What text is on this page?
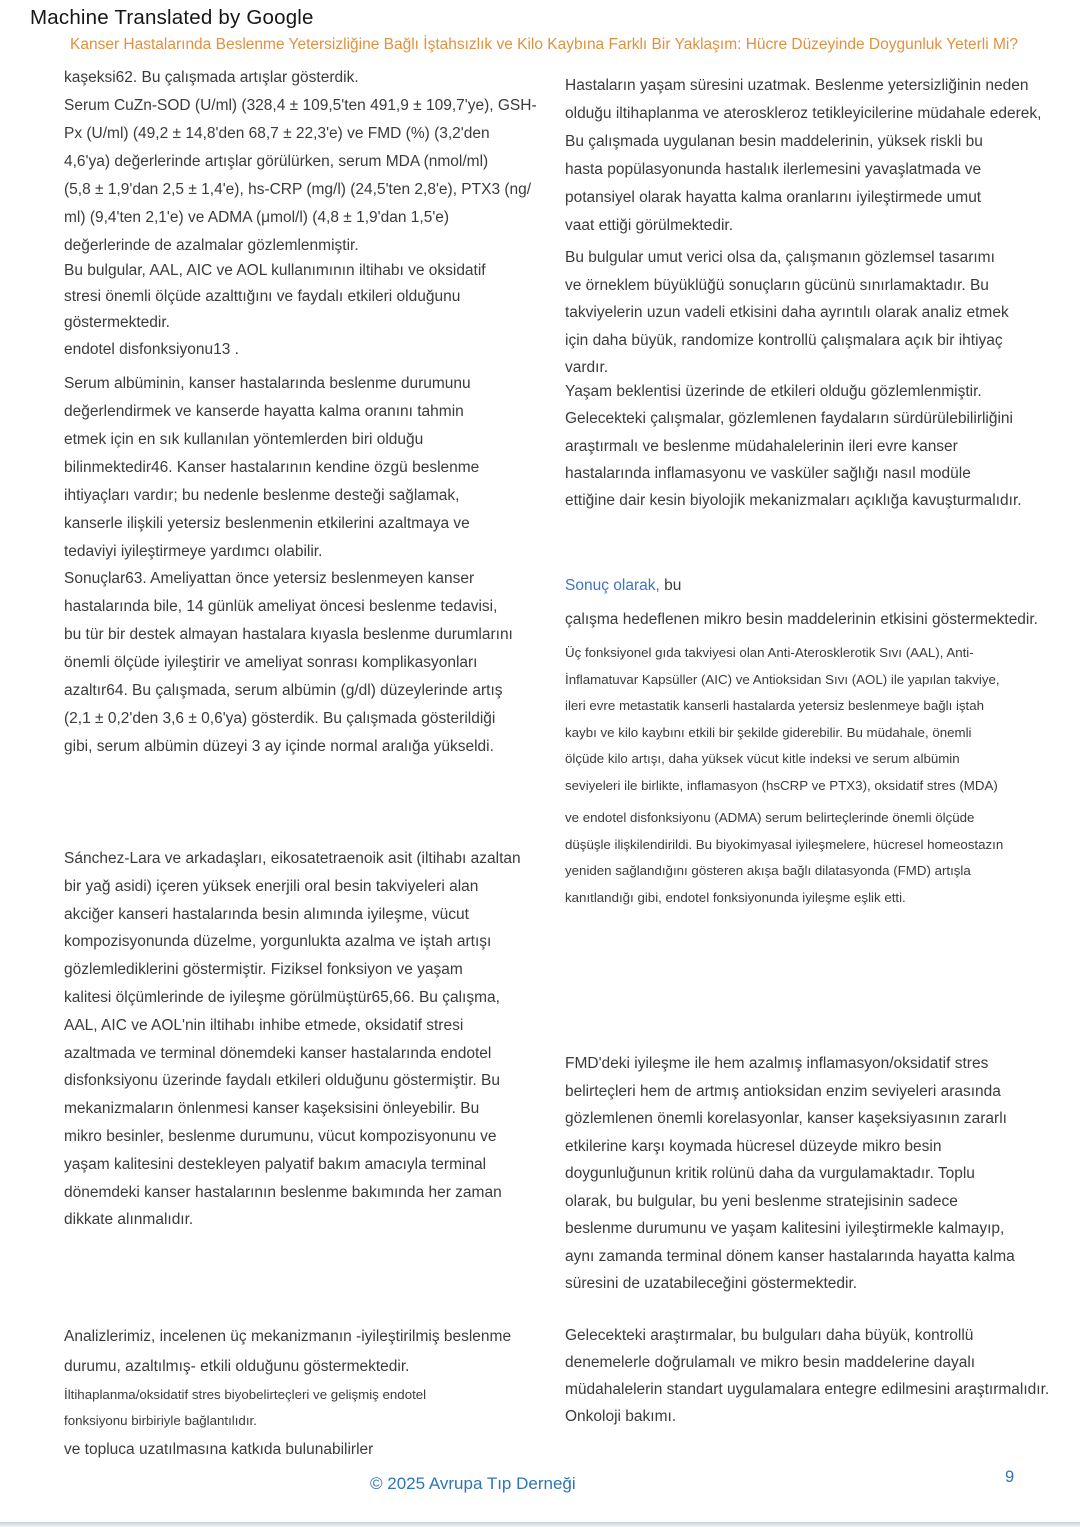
Machine Translated by Google
Kanser Hastalarında Beslenme Yetersizliğine Bağlı İştahsızlık ve Kilo Kaybına Farklı Bir Yaklaşım: Hücre Düzeyinde Doygunluk Yeterli Mi?
kaşeksi62. Bu çalışmada artışlar gösterdik.
Serum CuZn-SOD (U/ml) (328,4 ± 109,5'ten 491,9 ± 109,7'ye), GSH-
Px (U/ml) (49,2 ± 14,8'den 68,7 ± 22,3'e) ve FMD (%) (3,2'den
4,6'ya) değerlerinde artışlar görülürken, serum MDA (nmol/ml)
(5,8 ± 1,9'dan 2,5 ± 1,4'e), hs-CRP (mg/l) (24,5'ten 2,8'e), PTX3 (ng/
ml) (9,4'ten 2,1'e) ve ADMA (μmol/l) (4,8 ± 1,9'dan 1,5'e)
değerlerinde de azalmalar gözlemlenmiştir.
Bu bulgular, AAL, AIC ve AOL kullanımının iltihabı ve oksidatif
stresi önemli ölçüde azalttığını ve faydalı etkileri olduğunu
göstermektedir.
endotel disfonksiyonu13 .
Serum albüminin, kanser hastalarında beslenme durumunu
değerlendirmek ve kanserde hayatta kalma oranını tahmin
etmek için en sık kullanılan yöntemlerden biri olduğu
bilinmektedir46. Kanser hastalarının kendine özgü beslenme
ihtiyaçları vardır; bu nedenle beslenme desteği sağlamak,
kanserle ilişkili yetersiz beslenmenin etkilerini azaltmaya ve
tedaviyi iyileştirmeye yardımcı olabilir.
Sonuçlar63. Ameliyattan önce yetersiz beslenmeyen kanser
hastalarında bile, 14 günlük ameliyat öncesi beslenme tedavisi,
bu tür bir destek almayan hastalara kıyasla beslenme durumlarını
önemli ölçüde iyileştirir ve ameliyat sonrası komplikasyonları
azaltır64. Bu çalışmada, serum albümin (g/dl) düzeylerinde artış
(2,1 ± 0,2'den 3,6 ± 0,6'ya) gösterdik. Bu çalışmada gösterildiği
gibi, serum albümin düzeyi 3 ay içinde normal aralığa yükseldi.
Sánchez-Lara ve arkadaşları, eikosatetraenoik asit (iltihabı azaltan
bir yağ asidi) içeren yüksek enerjili oral besin takviyeleri alan
akciğer kanseri hastalarında besin alımında iyileşme, vücut
kompozisyonunda düzelme, yorgunlukta azalma ve iştah artışı
gözlemlediklerini göstermiştir. Fiziksel fonksiyon ve yaşam
kalitesi ölçümlerinde de iyileşme görülmüştür65,66. Bu çalışma,
AAL, AIC ve AOL'nin iltihabı inhibe etmede, oksidatif stresi
azaltmada ve terminal dönemdeki kanser hastalarında endotel
disfonksiyonu üzerinde faydalı etkileri olduğunu göstermiştir. Bu
mekanizmaların önlenmesi kanser kaşeksisini önleyebilir. Bu
mikro besinler, beslenme durumunu, vücut kompozisyonunu ve
yaşam kalitesini destekleyen palyatif bakım amacıyla terminal
dönemdeki kanser hastalarının beslenme bakımında her zaman
dikkate alınmalıdır.
Analizlerimiz, incelenen üç mekanizmanın -iyileştirilmiş beslenme
durumu, azaltılmış- etkili olduğunu göstermektedir.
İltihaplanma/oksidatif stres biyobelirteçleri ve gelişmiş endotel
fonksiyonu birbiriyle bağlantılıdır.
ve topluca uzatılmasına katkıda bulunabilirler
Hastaların yaşam süresini uzatmak. Beslenme yetersizliğinin neden
olduğu iltihaplanma ve ateroskleroz tetikleyicilerine müdahale ederek,
Bu çalışmada uygulanan besin maddelerinin, yüksek riskli bu
hasta popülasyonunda hastalık ilerlemesini yavaşlatmada ve
potansiyel olarak hayatta kalma oranlarını iyileştirmede umut
vaat ettiği görülmektedir.
Bu bulgular umut verici olsa da, çalışmanın gözlemsel tasarımı
ve örneklem büyüklüğü sonuçların gücünü sınırlamaktadır. Bu
takviyelerin uzun vadeli etkisini daha ayrıntılı olarak analiz etmek
için daha büyük, randomize kontrollü çalışmalara açık bir ihtiyaç
vardır.
Yaşam beklentisi üzerinde de etkileri olduğu gözlemlenmiştir.
Gelecekteki çalışmalar, gözlemlenen faydaların sürdürülebilirliğini
araştırmalı ve beslenme müdahalelerinin ileri evre kanser
hastalarında inflamasyonu ve vasküler sağlığı nasıl modüle
ettiğine dair kesin biyolojik mekanizmaları açıklığa kavuşturmalıdır.
Sonuç olarak, bu
çalışma hedeflenen mikro besin maddelerinin etkisini göstermektedir.
Üç fonksiyonel gıda takviyesi olan Anti-Aterosklerotik Sıvı (AAL), Anti-
İnflamatuvar Kapsüller (AIC) ve Antioksidan Sıvı (AOL) ile yapılan takviye,
ileri evre metastatik kanserli hastalarda yetersiz beslenmeye bağlı iştah
kaybı ve kilo kaybını etkili bir şekilde giderebilir. Bu müdahale, önemli
ölçüde kilo artışı, daha yüksek vücut kitle indeksi ve serum albümin
seviyeleri ile birlikte, inflamasyon (hsCRP ve PTX3), oksidatif stres (MDA)
ve endotel disfonksiyonu (ADMA) serum belirteçlerinde önemli ölçüde
düşüşle ilişkilendirildi. Bu biyokimyasal iyileşmelere, hücresel homeostazın
yeniden sağlandığını gösteren akışa bağlı dilatasyonda (FMD) artışla
kanıtlandığı gibi, endotel fonksiyonunda iyileşme eşlik etti.
FMD'deki iyileşme ile hem azalmış inflamasyon/oksidatif stres
belirteçleri hem de artmış antioksidan enzim seviyeleri arasında
gözlemlenen önemli korelasyonlar, kanser kaşeksiyasının zararlı
etkilerine karşı koymada hücresel düzeyde mikro besin
doygunluğunun kritik rolünü daha da vurgulamaktadır. Toplu
olarak, bu bulgular, bu yeni beslenme stratejisinin sadece
beslenme durumunu ve yaşam kalitesini iyileştirmekle kalmayıp,
aynı zamanda terminal dönem kanser hastalarında hayatta kalma
süresini de uzatabileceğini göstermektedir.
Gelecekteki araştırmalar, bu bulguları daha büyük, kontrollü
denemelerle doğrulamalı ve mikro besin maddelerine dayalı
müdahalelerin standart uygulamalara entegre edilmesini araştırmalıdır.
Onkoloji bakımı.
© 2025 Avrupa Tıp Derneği	9
